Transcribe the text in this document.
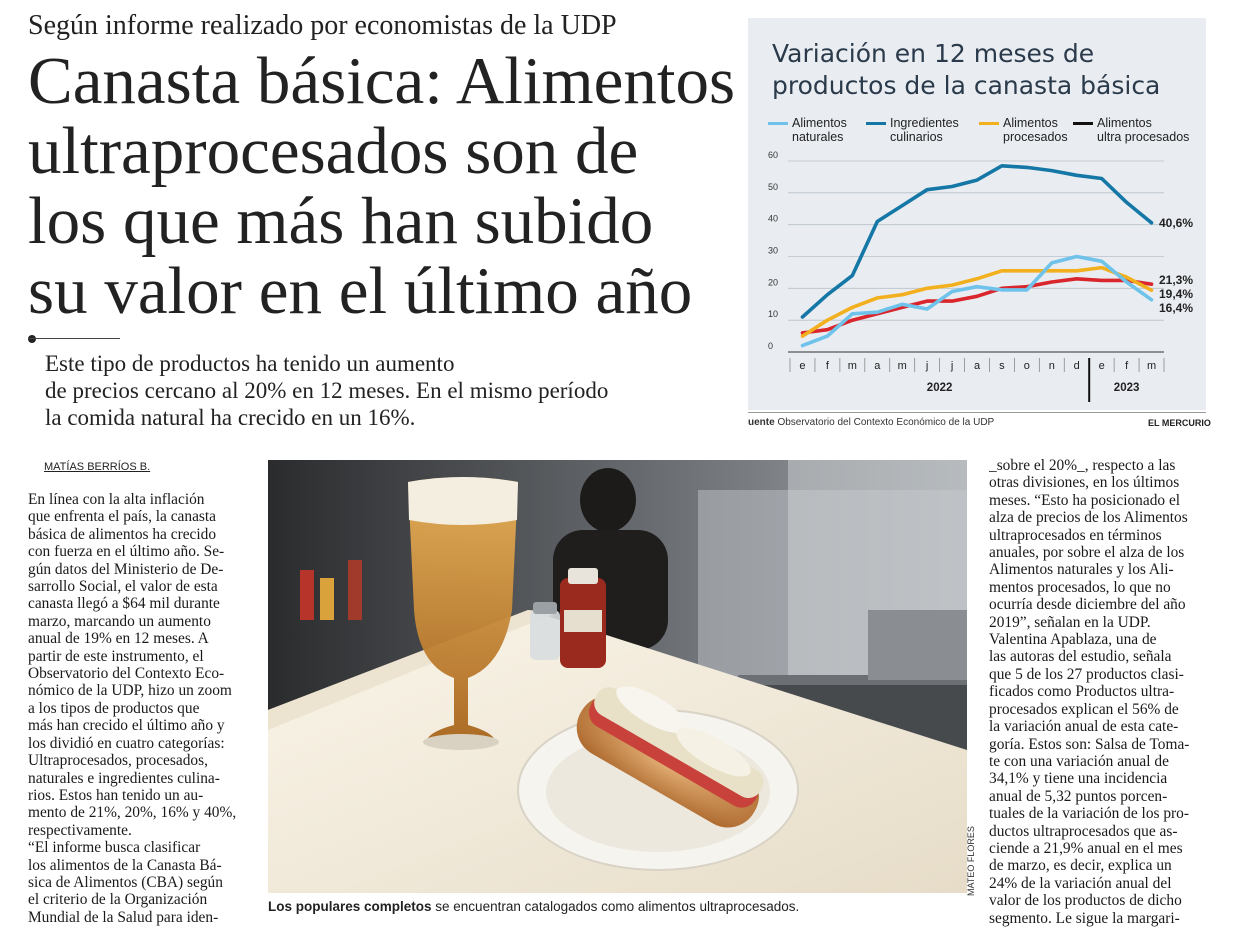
Según informe realizado por economistas de la UDP
Canasta básica: Alimentos
ultraprocesados son de
los que más han subido
su valor en el último año
Este tipo de productos ha tenido un aumento
de precios cercano al 20% en 12 meses. En el mismo período
la comida natural ha crecido en un 16%.
0
10
20
30
40
50
60
e f m a m j j a s o n d e f m
2022	2023
16,4%
40,6%
19,4%
21,3%
Variación en 12 meses de
productos de la canasta básica
Alimentos
naturales
Ingredientes
culinarios
Alimentos
procesados
Alimentos
ultra procesados
uente Observatorio del Contexto Económico de la UDP	EL MERCURIO
MATÍAS BERRÍOS B.
En línea con la alta inflación
que enfrenta el país, la canasta
básica de alimentos ha crecido
con fuerza en el último año. Se-
gún datos del Ministerio de De-
sarrollo Social, el valor de esta
canasta llegó a $64 mil durante
marzo, marcando un aumento
anual de 19% en 12 meses. A
partir de este instrumento, el
Observatorio del Contexto Eco-
nómico de la UDP, hizo un zoom
a los tipos de productos que
más han crecido el último año y
los dividió en cuatro categorías:
Ultraprocesados, procesados,
naturales e ingredientes culina-
rios. Estos han tenido un au-
mento de 21%, 20%, 16% y 40%,
respectivamente.
“El informe busca clasificar
los alimentos de la Canasta Bá-
sica de Alimentos (CBA) según
el criterio de la Organización
Mundial de la Salud para iden-
_sobre el 20%_, respecto a las
otras divisiones, en los últimos
meses. “Esto ha posicionado el
alza de precios de los Alimentos
ultraprocesados en términos
anuales, por sobre el alza de los
Alimentos naturales y los Ali-
mentos procesados, lo que no
ocurría desde diciembre del año
2019”, señalan en la UDP.
Valentina Apablaza, una de
las autoras del estudio, señala
que 5 de los 27 productos clasi-
ficados como Productos ultra-
procesados explican el 56% de
la variación anual de esta cate-
goría. Estos son: Salsa de Toma-
te con una variación anual de
34,1% y tiene una incidencia
anual de 5,32 puntos porcen-
tuales de la variación de los pro-
ductos ultraprocesados que as-
ciende a 21,9% anual en el mes
de marzo, es decir, explica un
24% de la variación anual del
valor de los productos de dicho
segmento. Le sigue la margari-
MATEO FLORES
Los populares completos se encuentran catalogados como alimentos ultraprocesados.
